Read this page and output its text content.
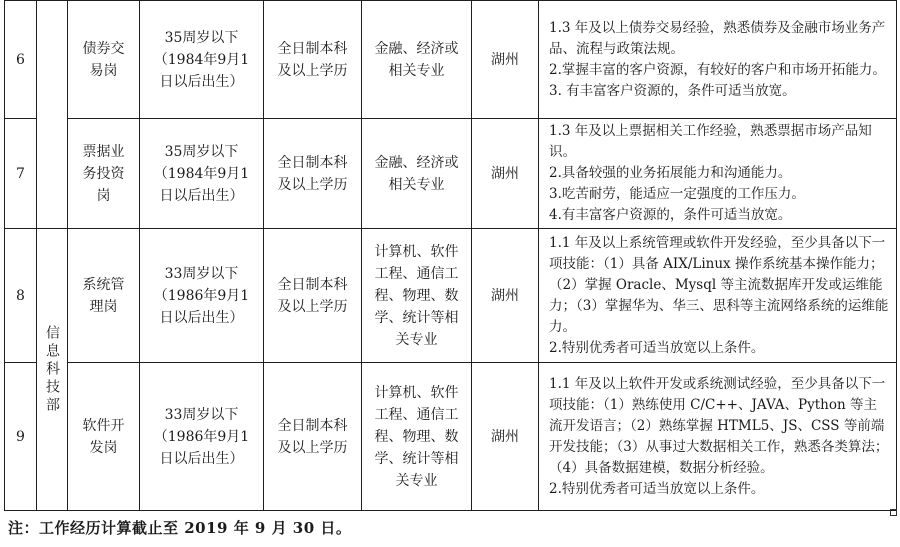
6		债券交
易岗	35周岁以下
（1984年9月1
日以后出生）	全日制本科
及以上学历	金融、经济或
相关专业	湖州	1.3 年及以上债券交易经验，熟悉债券及金融市场业务产品、流程与政策法规。
2.掌握丰富的客户资源，有较好的客户和市场开拓能力。
3. 有丰富客户资源的，条件可适当放宽。

7		票据业
务投资
岗	35周岁以下
（1984年9月1
日以后出生）	全日制本科
及以上学历	金融、经济或
相关专业	湖州	1.3 年及以上票据相关工作经验，熟悉票据市场产品知识。
2.具备较强的业务拓展能力和沟通能力。
3.吃苦耐劳，能适应一定强度的工作压力。
4.有丰富客户资源的，条件可适当放宽。

8	信息科技部	系统管
理岗	33周岁以下
（1986年9月1
日以后出生）	全日制本科
及以上学历	计算机、软件
工程、通信工
程、物理、数
学、统计等相
关专业	湖州	1.1 年及以上系统管理或软件开发经验，至少具备以下一项技能：（1）具备 AIX/Linux 操作系统基本操作能力；（2）掌握 Oracle、Mysql 等主流数据库开发或运维能力；（3）掌握华为、华三、思科等主流网络系统的运维能力。
2.特别优秀者可适当放宽以上条件。

9		软件开
发岗	33周岁以下
（1986年9月1
日以后出生）	全日制本科
及以上学历	计算机、软件
工程、通信工
程、物理、数
学、统计等相
关专业	湖州	1.1 年及以上软件开发或系统测试经验，至少具备以下一项技能：（1）熟练使用 C/C++、JAVA、Python 等主流开发语言；（2）熟练掌握 HTML5、JS、CSS 等前端开发技能；（3）从事过大数据相关工作，熟悉各类算法；（4）具备数据建模，数据分析经验。
2.特别优秀者可适当放宽以上条件。
注：工作经历计算截止至 2019 年 9 月 30 日。
